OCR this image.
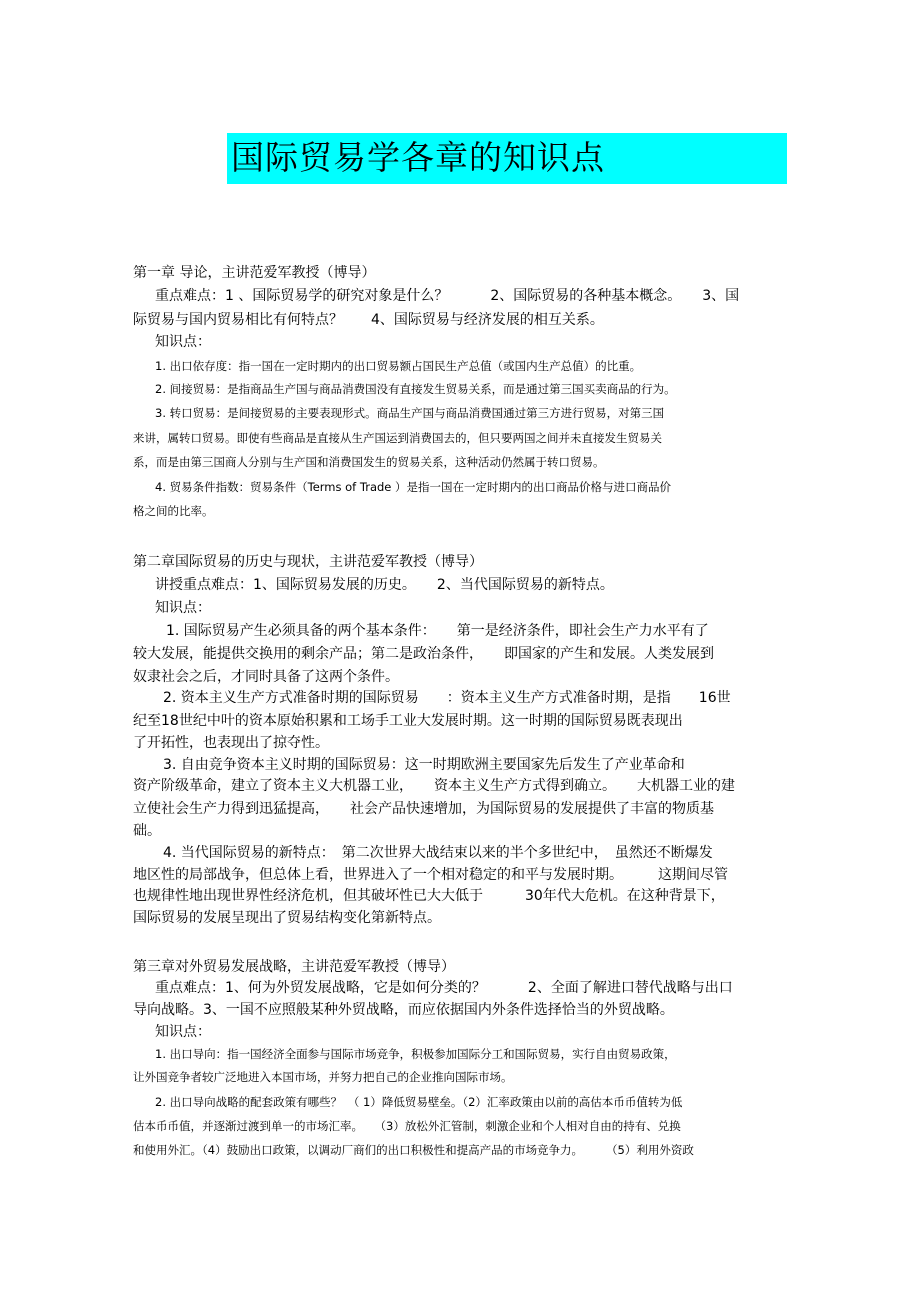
国际贸易学各章的知识点
第一章 导论，主讲范爱军教授（博导）
重点难点：1 、国际贸易学的研究对象是什么？　　　2、国际贸易的各种基本概念。　　3、国
际贸易与国内贸易相比有何特点？　　4、国际贸易与经济发展的相互关系。
知识点：
1. 出口依存度：指一国在一定时期内的出口贸易额占国民生产总值（或国内生产总值）的比重。
2. 间接贸易：是指商品生产国与商品消费国没有直接发生贸易关系，而是通过第三国买卖商品的行为。
3. 转口贸易：是间接贸易的主要表现形式。商品生产国与商品消费国通过第三方进行贸易，对第三国
来讲，属转口贸易。即使有些商品是直接从生产国运到消费国去的，但只要两国之间并未直接发生贸易关
系，而是由第三国商人分别与生产国和消费国发生的贸易关系，这种活动仍然属于转口贸易。
4. 贸易条件指数：贸易条件（Terms of Trade ）是指一国在一定时期内的出口商品价格与进口商品价
格之间的比率。
第二章国际贸易的历史与现状，主讲范爱军教授（博导）
讲授重点难点：1、国际贸易发展的历史。　　2、当代国际贸易的新特点。
知识点：
1. 国际贸易产生必须具备的两个基本条件：　　第一是经济条件，即社会生产力水平有了
较大发展，能提供交换用的剩余产品；第二是政治条件，　　即国家的产生和发展。人类发展到
奴隶社会之后，才同时具备了这两个条件。
2. 资本主义生产方式准备时期的国际贸易　　：资本主义生产方式准备时期，是指　　16世
纪至18世纪中叶的资本原始积累和工场手工业大发展时期。这一时期的国际贸易既表现出
了开拓性，也表现出了掠夺性。
3. 自由竞争资本主义时期的国际贸易：这一时期欧洲主要国家先后发生了产业革命和
资产阶级革命，建立了资本主义大机器工业，　　资本主义生产方式得到确立。　　大机器工业的建
立使社会生产力得到迅猛提高，　　社会产品快速增加，为国际贸易的发展提供了丰富的物质基
础。
4. 当代国际贸易的新特点：　第二次世界大战结束以来的半个多世纪中，　虽然还不断爆发
地区性的局部战争，但总体上看，世界进入了一个相对稳定的和平与发展时期。　　　这期间尽管
也规律性地出现世界性经济危机，但其破坏性已大大低于　　　30年代大危机。在这种背景下，
国际贸易的发展呈现出了贸易结构变化第新特点。
第三章对外贸易发展战略，主讲范爱军教授（博导）
重点难点：1、何为外贸发展战略，它是如何分类的？　　　2、全面了解进口替代战略与出口
导向战略。3、一国不应照般某种外贸战略，而应依据国内外条件选择恰当的外贸战略。
知识点：
1. 出口导向：指一国经济全面参与国际市场竞争，积极参加国际分工和国际贸易，实行自由贸易政策，
让外国竞争者较广泛地进入本国市场，并努力把自己的企业推向国际市场。
2. 出口导向战略的配套政策有哪些？　（ 1）降低贸易壁垒。（2）汇率政策由以前的高估本币币值转为低
估本币币值，并逐渐过渡到单一的市场汇率。　　（3）放松外汇管制，刺激企业和个人相对自由的持有、兑换
和使用外汇。（4）鼓励出口政策，以调动厂商们的出口积极性和提高产品的市场竞争力。　　　（5）利用外资政
